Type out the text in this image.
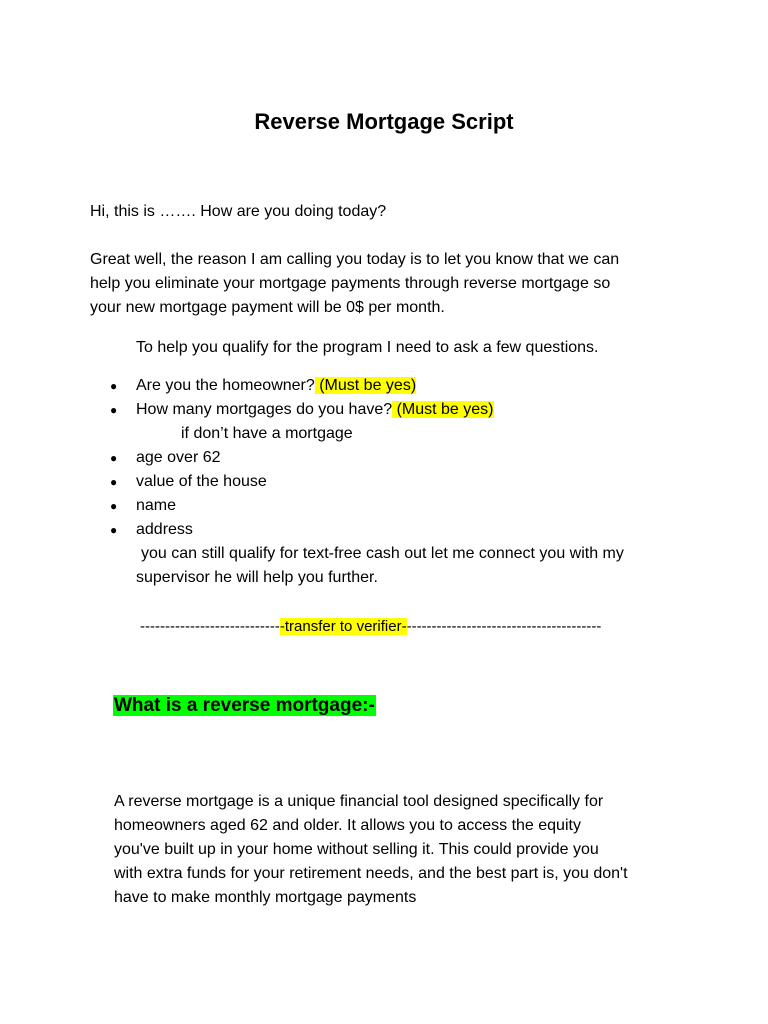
Reverse Mortgage Script
Hi, this is ……. How are you doing today?
Great well, the reason I am calling you today is to let you know that we can
help you eliminate your mortgage payments through reverse mortgage so
your new mortgage payment will be 0$ per month.
To help you qualify for the program I need to ask a few questions.
● Are you the homeowner? (Must be yes)
● How many mortgages do you have? (Must be yes)
if don’t have a mortgage
● age over 62
● value of the house
● name
● address
you can still qualify for text-free cash out let me connect you with my
supervisor he will help you further.
-----------------------------transfer to verifier----------------------------------------
What is a reverse mortgage:-
A reverse mortgage is a unique financial tool designed specifically for
homeowners aged 62 and older. It allows you to access the equity
you've built up in your home without selling it. This could provide you
with extra funds for your retirement needs, and the best part is, you don't
have to make monthly mortgage payments
